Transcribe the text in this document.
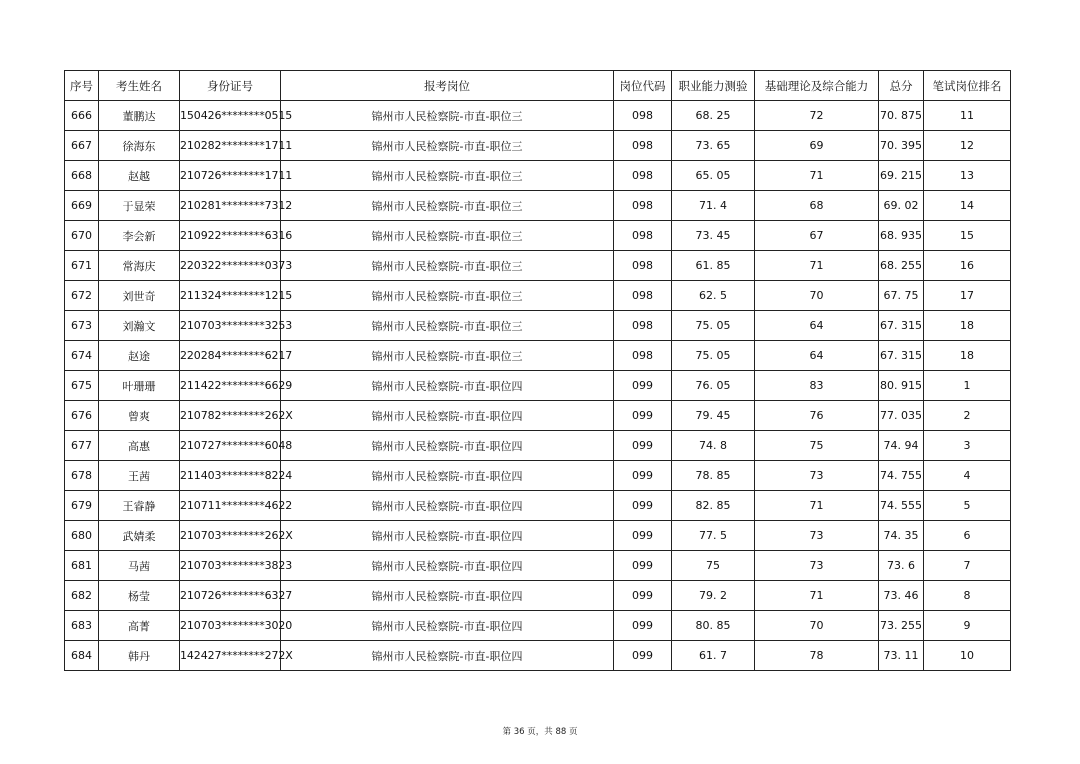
序号	考生姓名	身份证号	报考岗位	岗位代码	职业能力测验	基础理论及综合能力	总分	笔试岗位排名
666	董鹏达	150426********0515	锦州市人民检察院-市直-职位三	098	68. 25	72	70. 875	11
667	徐海东	210282********1711	锦州市人民检察院-市直-职位三	098	73. 65	69	70. 395	12
668	赵越	210726********1711	锦州市人民检察院-市直-职位三	098	65. 05	71	69. 215	13
669	于显荣	210281********7312	锦州市人民检察院-市直-职位三	098	71. 4	68	69. 02	14
670	李会新	210922********6316	锦州市人民检察院-市直-职位三	098	73. 45	67	68. 935	15
671	常海庆	220322********0373	锦州市人民检察院-市直-职位三	098	61. 85	71	68. 255	16
672	刘世奇	211324********1215	锦州市人民检察院-市直-职位三	098	62. 5	70	67. 75	17
673	刘瀚文	210703********3253	锦州市人民检察院-市直-职位三	098	75. 05	64	67. 315	18
674	赵途	220284********6217	锦州市人民检察院-市直-职位三	098	75. 05	64	67. 315	18
675	叶珊珊	211422********6629	锦州市人民检察院-市直-职位四	099	76. 05	83	80. 915	1
676	曾爽	210782********262X	锦州市人民检察院-市直-职位四	099	79. 45	76	77. 035	2
677	高惠	210727********6048	锦州市人民检察院-市直-职位四	099	74. 8	75	74. 94	3
678	王茜	211403********8224	锦州市人民检察院-市直-职位四	099	78. 85	73	74. 755	4
679	王睿静	210711********4622	锦州市人民检察院-市直-职位四	099	82. 85	71	74. 555	5
680	武婧柔	210703********262X	锦州市人民检察院-市直-职位四	099	77. 5	73	74. 35	6
681	马茜	210703********3823	锦州市人民检察院-市直-职位四	099	75	73	73. 6	7
682	杨莹	210726********6327	锦州市人民检察院-市直-职位四	099	79. 2	71	73. 46	8
683	高菁	210703********3020	锦州市人民检察院-市直-职位四	099	80. 85	70	73. 255	9
684	韩丹	142427********272X	锦州市人民检察院-市直-职位四	099	61. 7	78	73. 11	10
第 36 页，共 88 页
